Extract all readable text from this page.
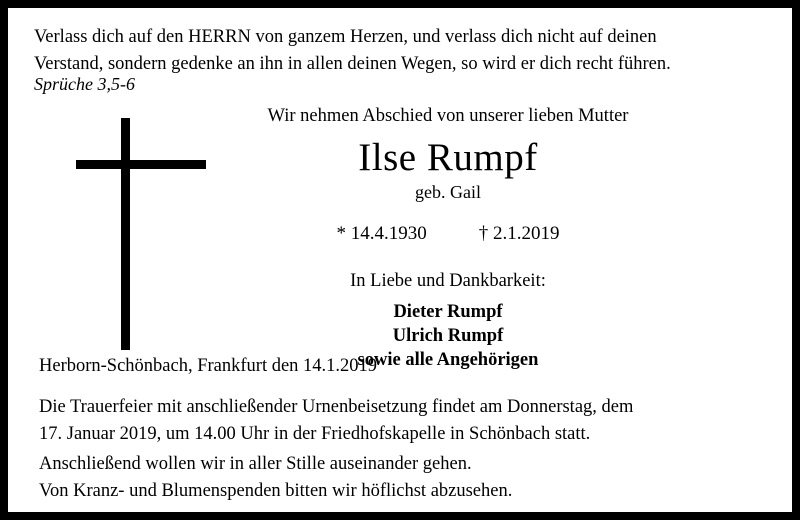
Verlass dich auf den HERRN von ganzem Herzen, und verlass dich nicht auf deinen
Verstand, sondern gedenke an ihn in allen deinen Wegen, so wird er dich recht führen.
Sprüche 3,5-6

Wir nehmen Abschied von unserer lieben Mutter

Ilse Rumpf

geb. Gail

* 14.4.1930	† 2.1.2019

In Liebe und Dankbarkeit:

Dieter Rumpf
Ulrich Rumpf
sowie alle Angehörigen
Herborn-Schönbach, Frankfurt den 14.1.2019
Die Trauerfeier mit anschließender Urnenbeisetzung findet am Donnerstag, dem
17. Januar 2019, um 14.00 Uhr in der Friedhofskapelle in Schönbach statt.
Anschließend wollen wir in aller Stille auseinander gehen.
Von Kranz- und Blumenspenden bitten wir höflichst abzusehen.
